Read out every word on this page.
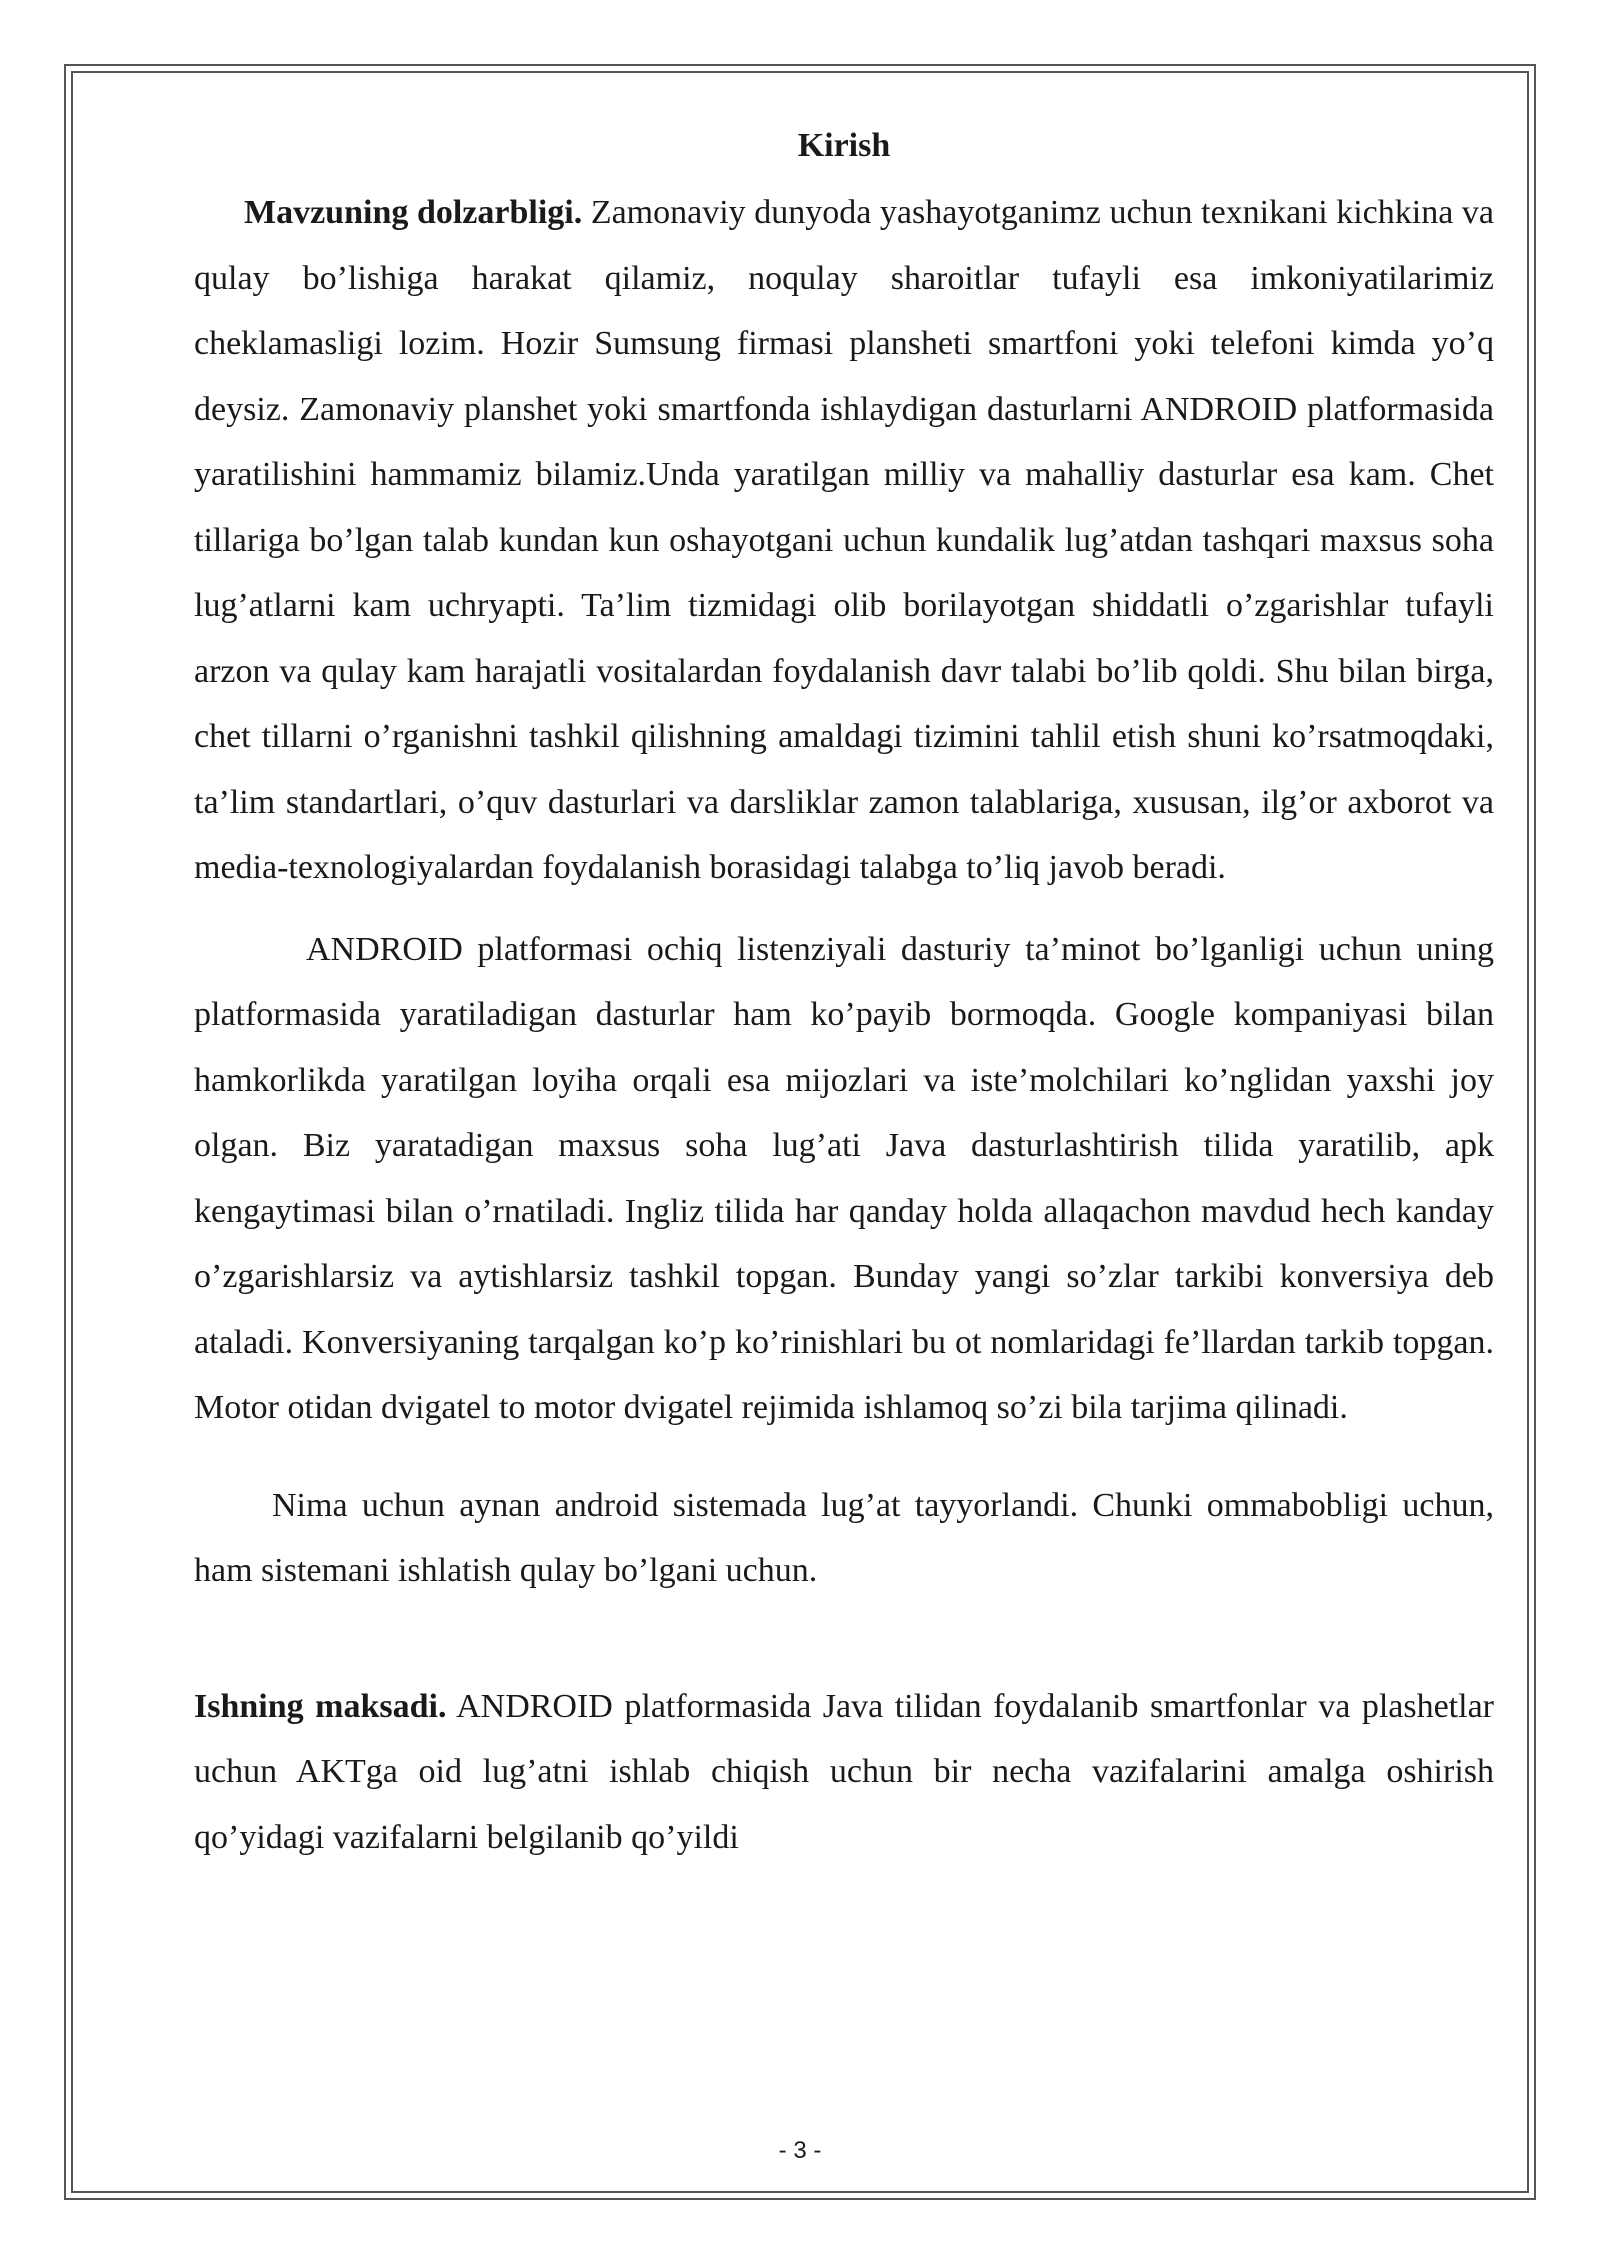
Kirish

Mavzuning dolzarbligi. Zamonaviy dunyoda yashayotganimz uchun texnikani kichkina va qulay bo’lishiga harakat qilamiz, noqulay sharoitlar tufayli esa imkoniyatilarimiz cheklamasligi lozim. Hozir Sumsung firmasi plansheti smartfoni yoki telefoni kimda yo’q deysiz. Zamonaviy planshet yoki smartfonda ishlaydigan dasturlarni ANDROID platformasida yaratilishini hammamiz bilamiz.Unda yaratilgan milliy va mahalliy dasturlar esa kam. Chet tillariga bo’lgan talab kundan kun oshayotgani uchun kundalik lug’atdan tashqari maxsus soha lug’atlarni kam uchryapti. Ta’lim tizmidagi olib borilayotgan shiddatli o’zgarishlar tufayli arzon va qulay kam harajatli vositalardan foydalanish davr talabi bo’lib qoldi. Shu bilan birga, chet tillarni o’rganishni tashkil qilishning amaldagi tizimini tahlil etish shuni ko’rsatmoqdaki, ta’lim standartlari, o’quv dasturlari va darsliklar zamon talablariga, xususan, ilg’or axborot va media-texnologiyalardan foydalanish borasidagi talabga to’liq javob beradi.

ANDROID platformasi ochiq listenziyali dasturiy ta’minot bo’lganligi uchun uning platformasida yaratiladigan dasturlar ham ko’payib bormoqda. Google kompaniyasi bilan hamkorlikda yaratilgan loyiha orqali esa mijozlari va iste’molchilari ko’nglidan yaxshi joy olgan. Biz yaratadigan maxsus soha lug’ati Java dasturlashtirish tilida yaratilib, apk kengaytimasi bilan o’rnatiladi. Ingliz tilida har qanday holda allaqachon mavdud hech kanday o’zgarishlarsiz va aytishlarsiz tashkil topgan. Bunday yangi so’zlar tarkibi konversiya deb ataladi. Konversiyaning tarqalgan ko’p ko’rinishlari bu ot nomlaridagi fe’llardan tarkib topgan. Motor otidan dvigatel to motor dvigatel rejimida ishlamoq so’zi bila tarjima qilinadi.

Nima uchun aynan android sistemada lug’at tayyorlandi. Chunki ommabobligi uchun, ham sistemani ishlatish qulay bo’lgani uchun.

Ishning maksadi. ANDROID platformasida Java tilidan foydalanib smartfonlar va plashetlar uchun AKTga oid lug’atni ishlab chiqish uchun bir necha vazifalarini amalga oshirish qo’yidagi vazifalarni belgilanib qo’yildi

- 3 -
